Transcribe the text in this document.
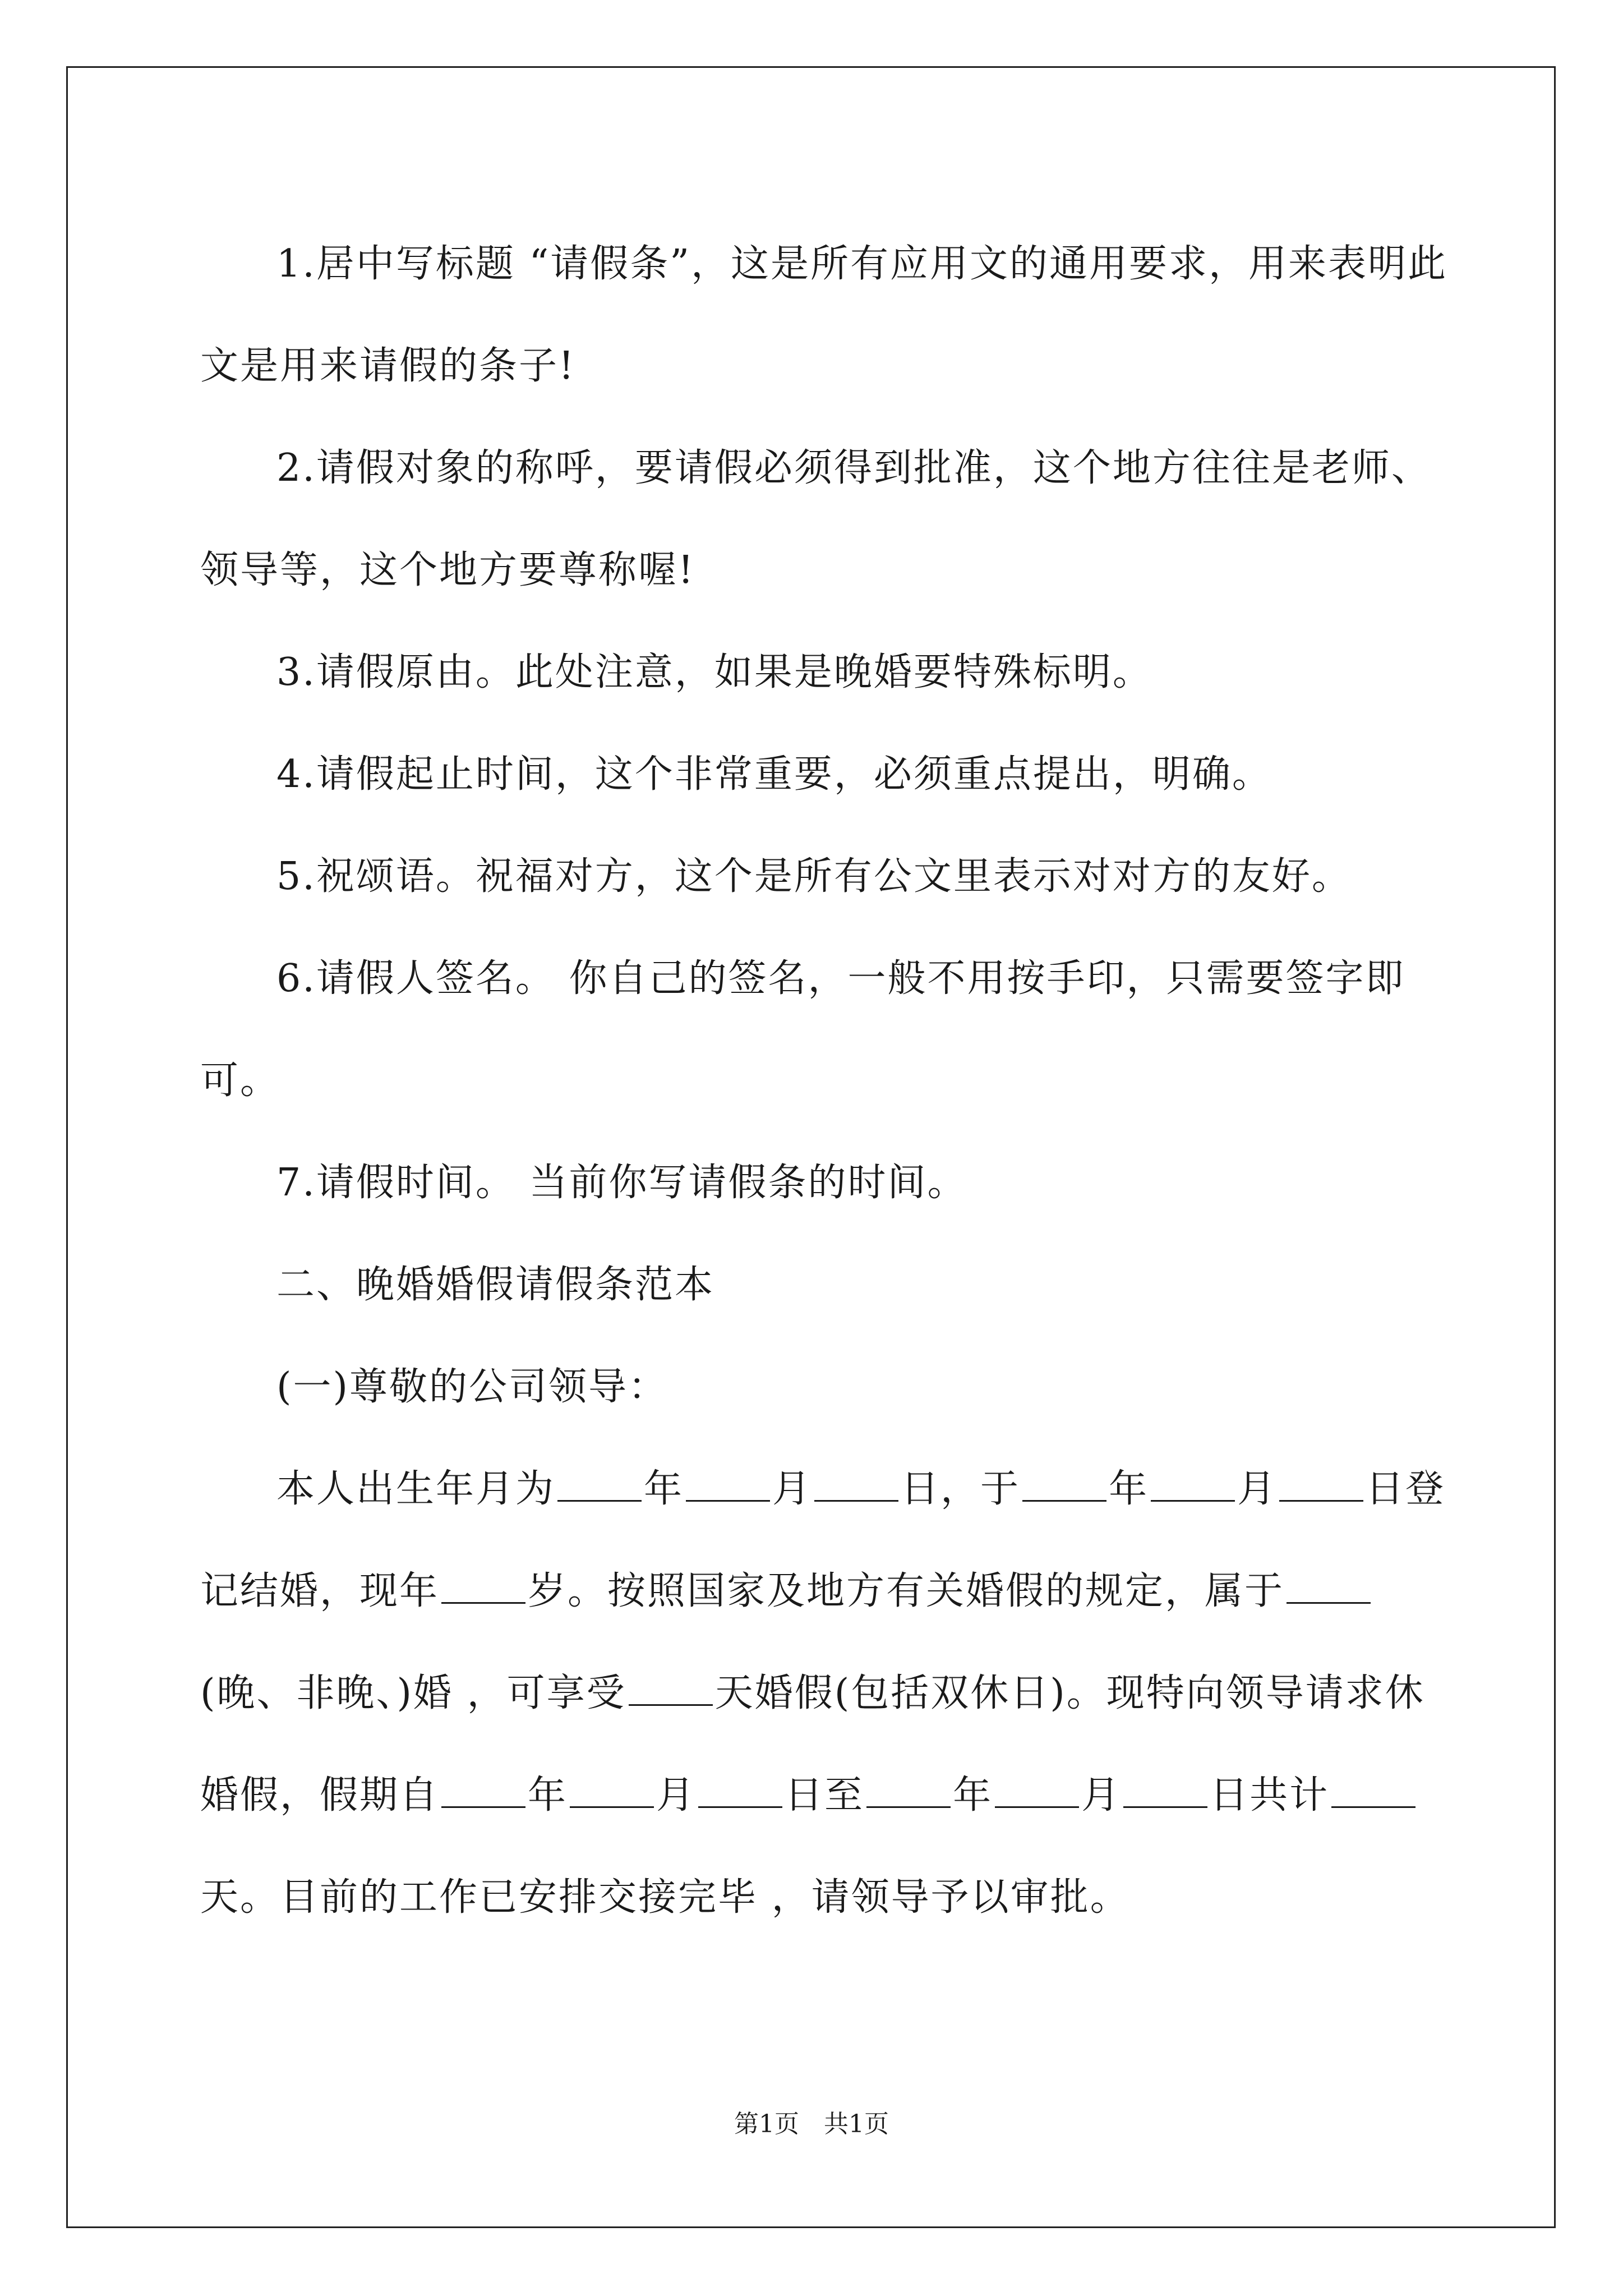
1.居中写标题 “请假条”，这是所有应用文的通用要求，用来表明此文是用来请假的条子!

2.请假对象的称呼，要请假必须得到批准，这个地方往往是老师、领导等，这个地方要尊称喔!

3.请假原由。此处注意，如果是晚婚要特殊标明。

4.请假起止时间，这个非常重要，必须重点提出，明确。

5.祝颂语。祝福对方，这个是所有公文里表示对对方的友好。

6.请假人签名。 你自己的签名，一般不用按手印，只需要签字即可。

7.请假时间。 当前你写请假条的时间。

二、晚婚婚假请假条范本

(一)尊敬的公司领导：

本人出生年月为 年 月 日，于 年 月 日登记结婚，现年 岁。按照国家及地方有关婚假的规定，属于(晚、非晚、)婚 ，可享受 天婚假(包括双休日)。现特向领导请求休婚假，假期自 年 月 日至 年 月 日共计天。目前的工作已安排交接完毕 ，请领导予以审批。

第1页　共1页
